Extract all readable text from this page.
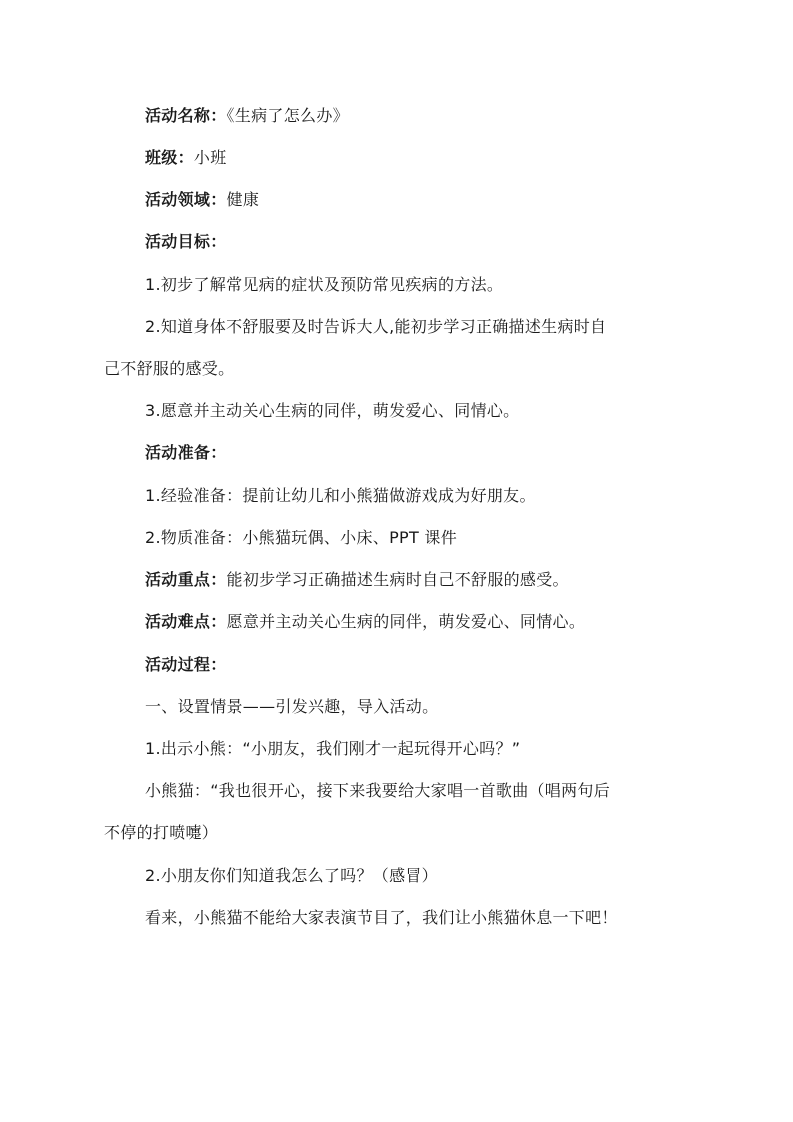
活动名称：《生病了怎么办》
班级：小班
活动领域：健康
活动目标：
1.初步了解常见病的症状及预防常见疾病的方法。
2.知道身体不舒服要及时告诉大人,能初步学习正确描述生病时自
己不舒服的感受。
3.愿意并主动关心生病的同伴，萌发爱心、同情心。
活动准备：
1.经验准备：提前让幼儿和小熊猫做游戏成为好朋友。
2.物质准备：小熊猫玩偶、小床、PPT 课件
活动重点：能初步学习正确描述生病时自己不舒服的感受。
活动难点：愿意并主动关心生病的同伴，萌发爱心、同情心。
活动过程：
一、设置情景——引发兴趣，导入活动。
1.出示小熊：“小朋友，我们刚才一起玩得开心吗？”
小熊猫：“我也很开心，接下来我要给大家唱一首歌曲（唱两句后
不停的打喷嚏）
2.小朋友你们知道我怎么了吗？（感冒）
看来，小熊猫不能给大家表演节目了，我们让小熊猫休息一下吧！
